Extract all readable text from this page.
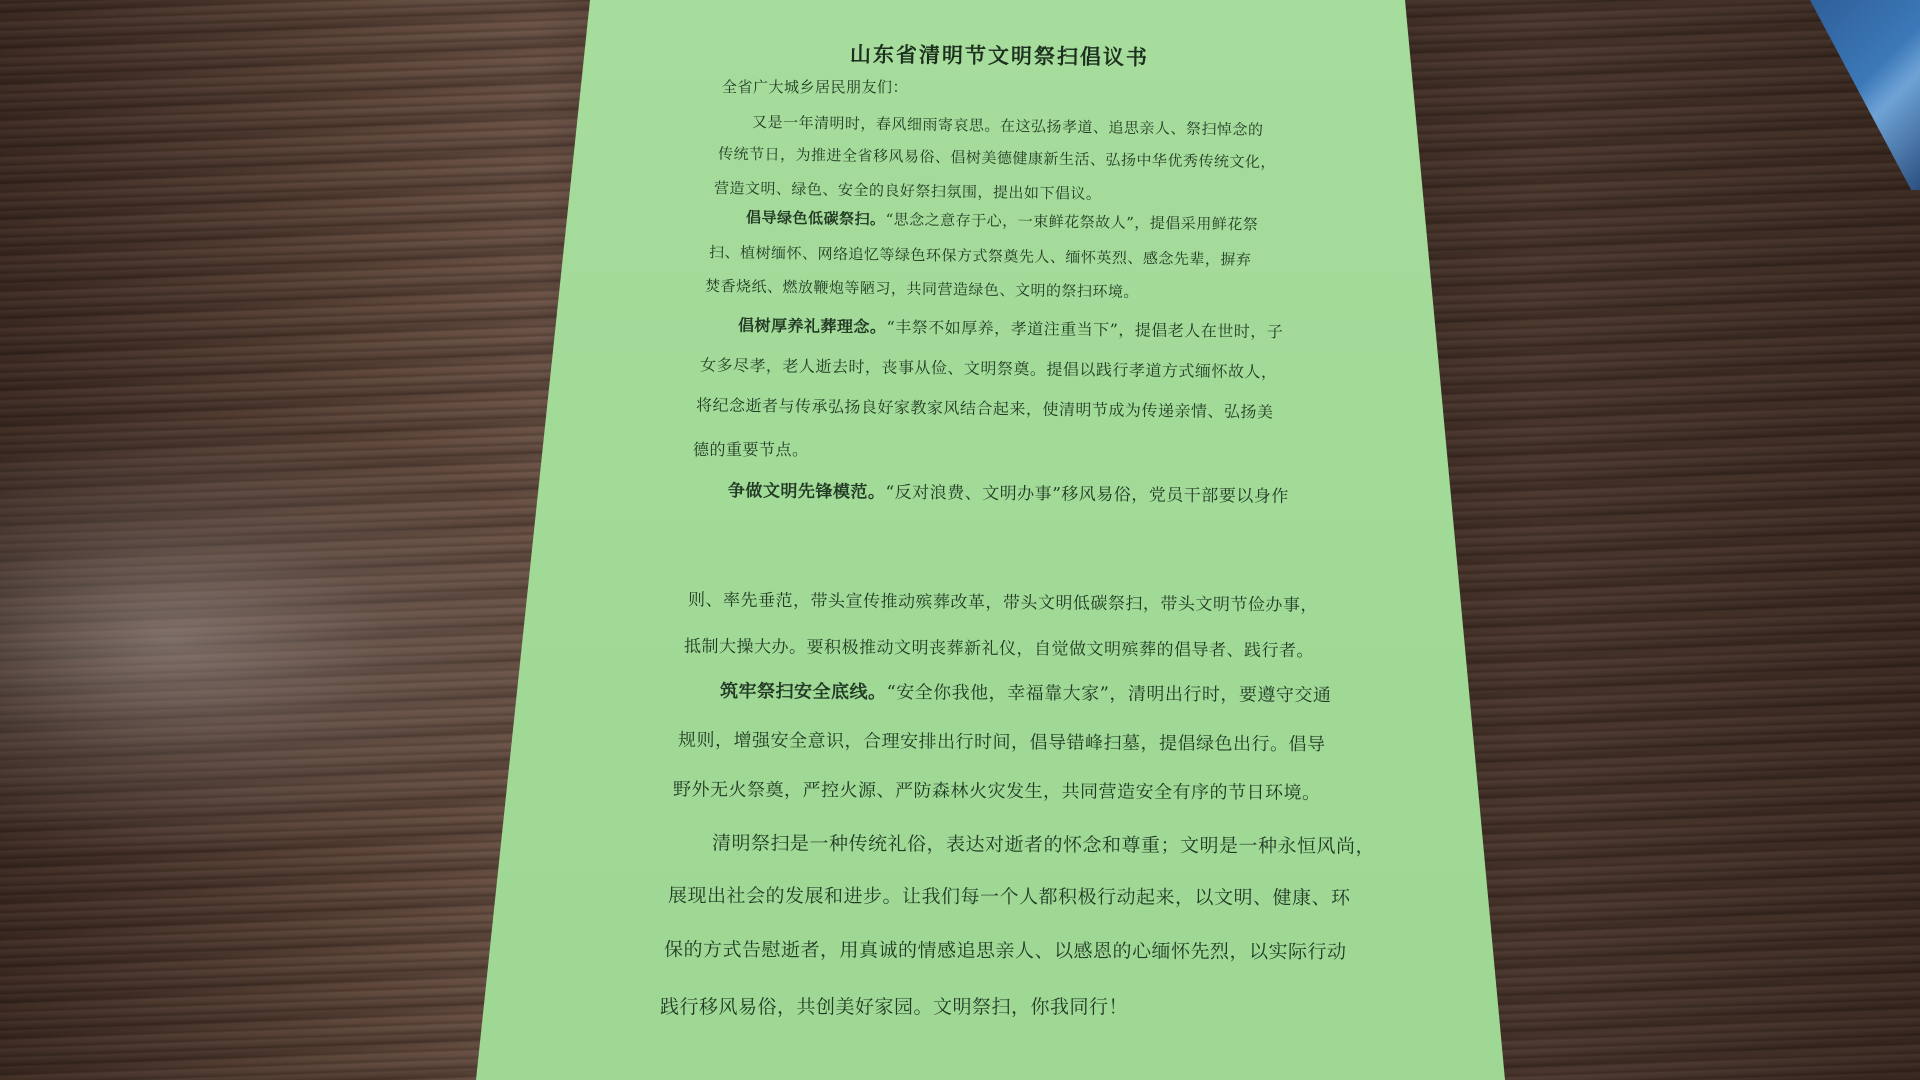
山东省清明节文明祭扫倡议书
全省广大城乡居民朋友们：
又是一年清明时，春风细雨寄哀思。在这弘扬孝道、追思亲人、祭扫悼念的
传统节日，为推进全省移风易俗、倡树美德健康新生活、弘扬中华优秀传统文化，
营造文明、绿色、安全的良好祭扫氛围，提出如下倡议。
倡导绿色低碳祭扫。“思念之意存于心，一束鲜花祭故人”，提倡采用鲜花祭
扫、植树缅怀、网络追忆等绿色环保方式祭奠先人、缅怀英烈、感念先辈，摒弃
焚香烧纸、燃放鞭炮等陋习，共同营造绿色、文明的祭扫环境。
倡树厚养礼葬理念。“丰祭不如厚养，孝道注重当下”，提倡老人在世时，子
女多尽孝，老人逝去时，丧事从俭、文明祭奠。提倡以践行孝道方式缅怀故人，
将纪念逝者与传承弘扬良好家教家风结合起来，使清明节成为传递亲情、弘扬美
德的重要节点。
争做文明先锋模范。“反对浪费、文明办事”移风易俗，党员干部要以身作
则、率先垂范，带头宣传推动殡葬改革，带头文明低碳祭扫，带头文明节俭办事，
抵制大操大办。要积极推动文明丧葬新礼仪，自觉做文明殡葬的倡导者、践行者。
筑牢祭扫安全底线。“安全你我他，幸福靠大家”，清明出行时，要遵守交通
规则，增强安全意识，合理安排出行时间，倡导错峰扫墓，提倡绿色出行。倡导
野外无火祭奠，严控火源、严防森林火灾发生，共同营造安全有序的节日环境。
清明祭扫是一种传统礼俗，表达对逝者的怀念和尊重；文明是一种永恒风尚，
展现出社会的发展和进步。让我们每一个人都积极行动起来，以文明、健康、环
保的方式告慰逝者，用真诚的情感追思亲人、以感恩的心缅怀先烈，以实际行动
践行移风易俗，共创美好家园。文明祭扫，你我同行！
